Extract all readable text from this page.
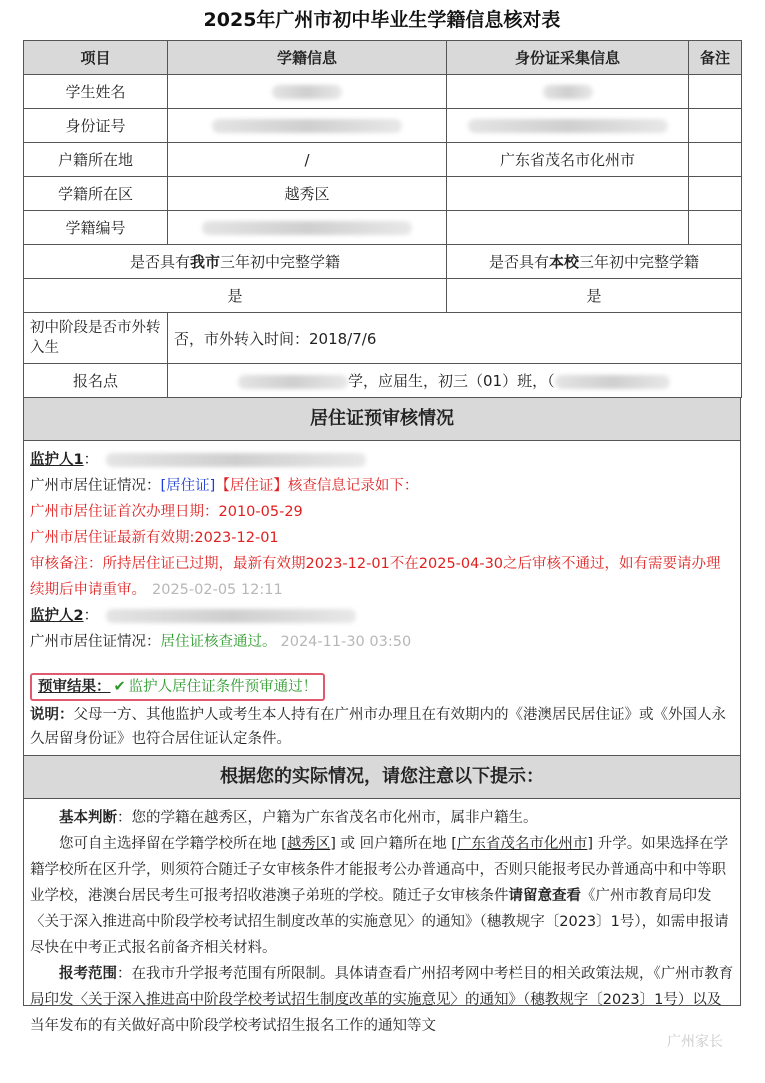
2025年广州市初中毕业生学籍信息核对表
项目	学籍信息	身份证采集信息	备注
学生姓名			
身份证号			
户籍所在地	/	广东省茂名市化州市	
学籍所在区	越秀区		
学籍编号			
是否具有我市三年初中完整学籍		是否具有本校三年初中完整学籍	
是		是	
初中阶段是否市外转入生	否，市外转入时间：2018/7/6		
报名点	学，应届生，初三（01）班，（		
居住证预审核情况
监护人1：
广州市居住证情况：[居住证]【居住证】核查信息记录如下：
广州市居住证首次办理日期：2010-05-29
广州市居住证最新有效期:2023-12-01
审核备注：所持居住证已过期，最新有效期2023-12-01不在2025-04-30之后审核不通过，如有需要请办理续期后申请重审。 2025-02-05 12:11
监护人2：
广州市居住证情况：居住证核查通过。 2024-11-30 03:50
预审结果： ✔ 监护人居住证条件预审通过！
说明：父母一方、其他监护人或考生本人持有在广州市办理且在有效期内的《港澳居民居住证》或《外国人永久居留身份证》也符合居住证认定条件。
根据您的实际情况，请您注意以下提示：

基本判断：您的学籍在越秀区，户籍为广东省茂名市化州市，属非户籍生。

您可自主选择留在学籍学校所在地 [越秀区] 或 回户籍所在地 [广东省茂名市化州市] 升学。如果选择在学籍学校所在区升学，则须符合随迁子女审核条件才能报考公办普通高中，否则只能报考民办普通高中和中等职业学校，港澳台居民考生可报考招收港澳子弟班的学校。随迁子女审核条件请留意查看《广州市教育局印发〈关于深入推进高中阶段学校考试招生制度改革的实施意见〉的通知》（穗教规字〔2023〕1号），如需申报请尽快在中考正式报名前备齐相关材料。

报考范围：在我市升学报考范围有所限制。具体请查看广州招考网中考栏目的相关政策法规，《广州市教育局印发〈关于深入推进高中阶段学校考试招生制度改革的实施意见〉的通知》（穗教规字〔2023〕1号）以及当年发布的有关做好高中阶段学校考试招生报名工作的通知等文

广州家长
